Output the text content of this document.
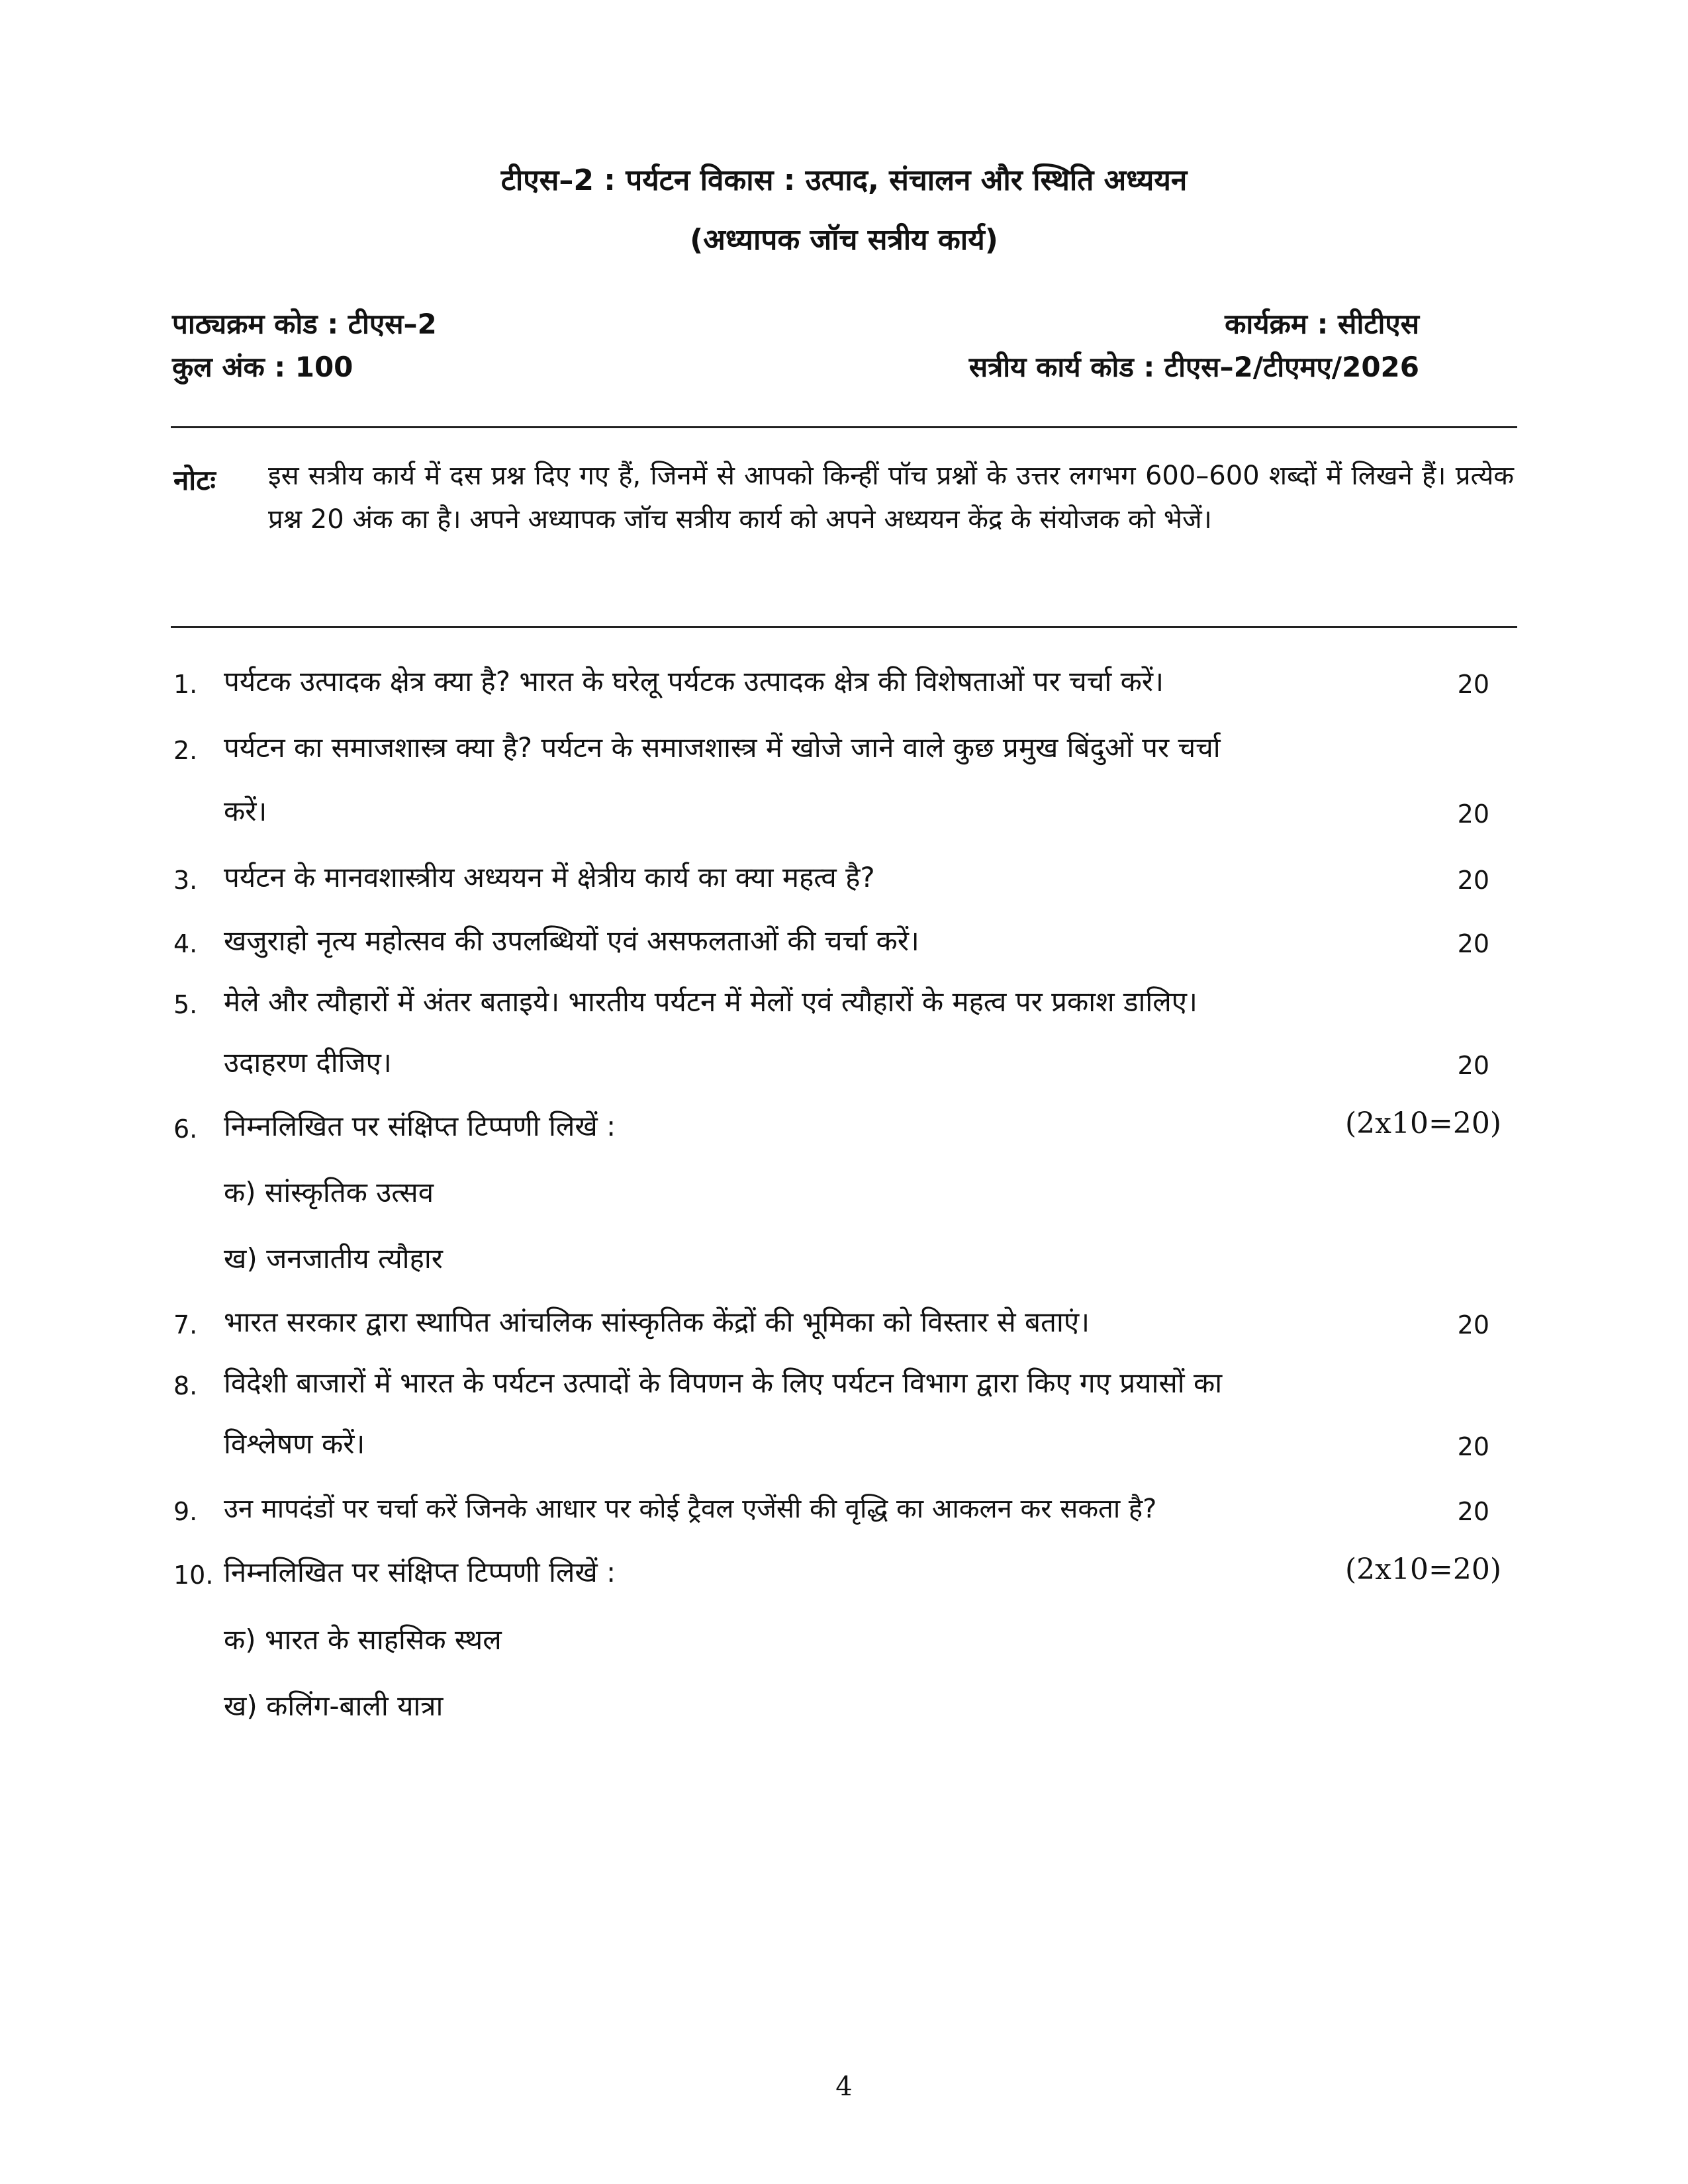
टीएस–2 : पर्यटन विकास : उत्पाद, संचालन और स्थिति अध्ययन
(अध्यापक जॉच सत्रीय कार्य)
पाठ्यक्रम कोड : टीएस–2	कार्यक्रम : सीटीएस
कुल अंक : 100	सत्रीय कार्य कोड : टीएस–2/टीएमए/2026
नोटः इस सत्रीय कार्य में दस प्रश्न दिए गए हैं, जिनमें से आपको किन्हीं पॉच प्रश्नों के उत्तर लगभग 600–600 शब्दों में लिखने हैं। प्रत्येक प्रश्न 20 अंक का है। अपने अध्यापक जॉच सत्रीय कार्य को अपने अध्ययन केंद्र के संयोजक को भेजें।
1. पर्यटक उत्पादक क्षेत्र क्या है? भारत के घरेलू पर्यटक उत्पादक क्षेत्र की विशेषताओं पर चर्चा करें।	20
2. पर्यटन का समाजशास्त्र क्या है? पर्यटन के समाजशास्त्र में खोजे जाने वाले कुछ प्रमुख बिंदुओं पर चर्चा
करें।	20
3. पर्यटन के मानवशास्त्रीय अध्ययन में क्षेत्रीय कार्य का क्या महत्व है?	20
4. खजुराहो नृत्य महोत्सव की उपलब्धियों एवं असफलताओं की चर्चा करें।	20
5. मेले और त्यौहारों में अंतर बताइये। भारतीय पर्यटन में मेलों एवं त्यौहारों के महत्व पर प्रकाश डालिए।
उदाहरण दीजिए।	20
6. निम्नलिखित पर संक्षिप्त टिप्पणी लिखें :	(2x10=20)
क) सांस्कृतिक उत्सव
ख) जनजातीय त्यौहार
7. भारत सरकार द्वारा स्थापित आंचलिक सांस्कृतिक केंद्रों की भूमिका को विस्तार से बताएं।	20
8. विदेशी बाजारों में भारत के पर्यटन उत्पादों के विपणन के लिए पर्यटन विभाग द्वारा किए गए प्रयासों का
विश्लेषण करें।	20
9. उन मापदंडों पर चर्चा करें जिनके आधार पर कोई ट्रैवल एजेंसी की वृद्धि का आकलन कर सकता है?	20
10. निम्नलिखित पर संक्षिप्त टिप्पणी लिखें :	(2x10=20)
क) भारत के साहसिक स्थल
ख) कलिंग-बाली यात्रा
4
